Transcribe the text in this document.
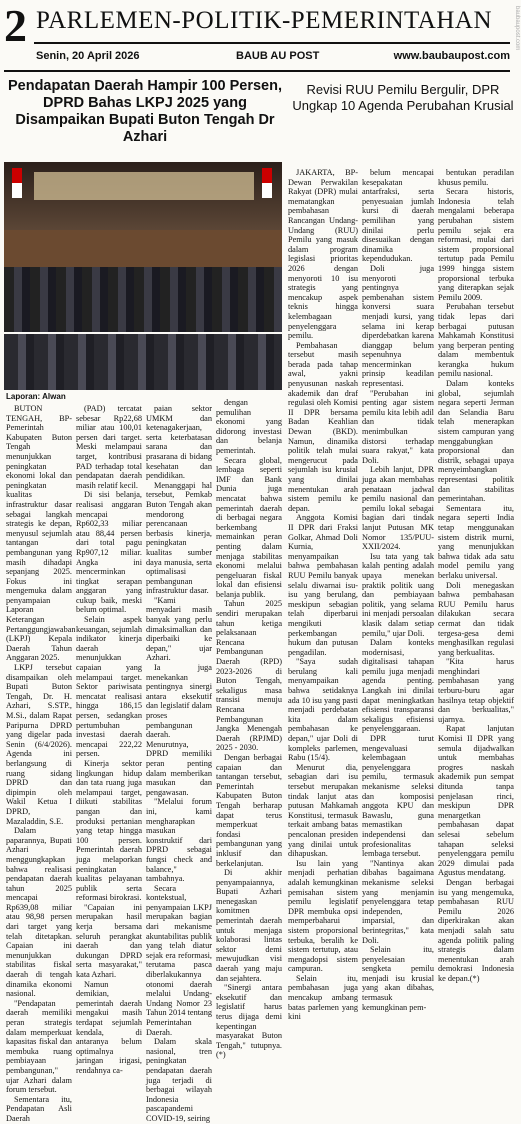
2 PARLEMEN-POLITIK-PEMERINTAHAN
Senin, 20 April 2026	BAUB AU POST	www.baubaupost.com
baubaupost.com
Pendapatan Daerah Hampir 100 Persen, DPRD Bahas LKPJ 2025 yang Disampaikan Bupati Buton Tengah Dr Azhari
Revisi RUU Pemilu Bergulir, DPR Ungkap 10 Agenda Perubahan Krusial
Laporan: Alwan

BUTON TENGAH, BP- Pemerintah Kabupaten Buton Tengah menunjukkan peningkatan ekonomi lokal dan peningkatan kualitas infrastruktur dasar sebagai langkah strategis ke depan, menyusul sejumlah tantangan pembangunan yang masih dihadapi sepanjang 2025. Fokus ini mengemuka dalam penyampaian Laporan Keterangan Pertanggungjawaban (LKPJ) Kepala Daerah Tahun Anggaran 2025.

LKPJ tersebut disampaikan oleh Bupati Buton Tengah, Dr. H. Azhari, S.STP., M.Si., dalam Rapat Paripurna DPRD yang digelar pada Senin (6/4/2026). Agenda ini berlangsung di ruang sidang DPRD dan dipimpin oleh Wakil Ketua I DPRD, Mazaladdin, S.E.

Dalam paparannya, Bupati Azhari menggungkapkan bahwa realisasi pendapatan daerah tahun 2025 mencapai Rp639,08 miliar atau 98,98 persen dari target yang telah ditetapkan. Capaian ini menunjukkan stabilitas fiskal daerah di tengah dinamika ekonomi nasional.

"Pendapatan daerah memiliki peran strategis dalam memperkuat kapasitas fiskal dan membuka ruang pembiayaan pembangunan," ujar Azhari dalam forum tersebut.

Sementara itu, Pendapatan Asli Daerah

(PAD) tercatat sebesar Rp22,68 miliar atau 100,01 persen dari target. Meski melampaui target, kontribusi PAD terhadap total pendapatan daerah masih relatif kecil.

Di sisi belanja, realisasi anggaran mencapai Rp602,33 miliar atau 88,44 persen dari total pagu Rp907,12 miliar. Angka ini mencerminkan tingkat serapan anggaran yang cukup baik, meski belum optimal.

Selain aspek keuangan, sejumlah indikator kinerja daerah menunjukkan capaian yang melampaui target. Sektor pariwisata mencatat realisasi hingga 186,15 persen, sedangkan pertumbuhan investasi daerah mencapai 222,22 persen.

Kinerja sektor lingkungan hidup dan tata ruang juga melampaui target, diikuti stabilitas pangan dan produksi pertanian yang tetap hingga 100 persen. Pemerintah daerah juga melaporkan peningkatan kualitas pelayanan publik serta reformasi birokrasi.

"Capaian ini merupakan hasil kerja bersama seluruh perangkat daerah dan dukungan DPRD serta masyarakat," kata Azhari.

Namun demikian, pemerintah daerah mengakui masih terdapat sejumlah kendala, di antaranya belum optimalnya jaringan irigasi, rendahnya ca-

paian sektor UMKM dan ketenagakerjaan, serta keterbatasan sarana dan prasarana di bidang kesehatan dan pendidikan.

Menanggapi hal tersebut, Pemkab Buton Tengah akan mendorong perencanaan berbasis kinerja, peningkatan kualitas sumber daya manusia, serta optimalisasi pembangunan infrastruktur dasar.

"Kami menyadari masih banyak yang perlu dimaksimalkan dan diperbaiki ke depan," ujar Azhari.

Ia juga menekankan pentingnya sinergi antara eksekutif dan legislatif dalam proses pembangunan daerah. Menurutnya, DPRD memiliki peran penting dalam memberikan masukan dan pengawasan.

"Melalui forum ini, kami mengharapkan masukan konstruktif dari DPRD sebagai fungsi check and balance," tambahnya.

Secara kontekstual, penyampaian LKPJ merupakan bagian dari mekanisme akuntabilitas publik yang telah diatur sejak era reformasi, terutama pasca diberlakukannya otonomi daerah melalui Undang-Undang Nomor 23 Tahun 2014 tentang Pemerintahan Daerah.

Dalam skala nasional, tren peningkatan pendapatan daerah juga terjadi di berbagai wilayah Indonesia pascapandemi COVID-19, seiring

dengan pemulihan ekonomi yang didorong investasi dan belanja pemerintah.

Secara global, lembaga seperti IMF dan Bank Dunia juga mencatat bahwa pemerintah daerah di berbagai negara berkembang memainkan peran penting dalam menjaga stabilitas ekonomi melalui pengeluaran fiskal lokal dan efisiensi belanja publik.

Tahun 2025 sendiri merupakan tahun ketiga pelaksanaan Rencana Pembangunan Daerah (RPD) 2023-2026 di Buton Tengah, sekaligus masa transisi menuju Rencana Pembangunan Jangka Menengah Daerah (RPJMD) 2025 - 2030.

Dengan berbagai capaian dan tantangan tersebut, Pemerintah Kabupaten Buton Tengah berharap dapat terus memperkuat fondasi pembangunan yang inklusif dan berkelanjutan.

Di akhir penyampaiannya, Bupati Azhari menegaskan komitmen pemerintah daerah untuk menjaga kolaborasi lintas sektor demi mewujudkan visi daerah yang maju dan sejahtera.

"Sinergi antara eksekutif dan legislatif harus terus dijaga demi kepentingan masyarakat Buton Tengah," tutupnya. (*)

JAKARTA, BP- Dewan Perwakilan Rakyat (DPR) mulai mematangkan pembahasan Rancangan Undang-Undang (RUU) Pemilu yang masuk dalam program legislasi prioritas 2026 dengan menyorotі 10 isu strategis yang mencakup aspek teknis hingga kelembagaan penyelenggara pemilu.

Pembahasan tersebut masih berada pada tahap awal, yakni penyusunan naskah akademik dan draf regulasi oleh Komisi II DPR bersama Badan Keahlian Dewan (BKD). Namun, dinamika politik telah mulai mengerucut pada sejumlah isu krusial yang dinilai menentukan arah sistem pemilu ke depan.

Anggota Komisi II DPR dari Fraksi Golkar, Ahmad Doli Kurnia, menyampaikan bahwa pembahasan RUU Pemilu banyak selalu diwarnai isu-isu yang berulang, meskipun sebagian telah diperbarui mengikuti perkembangan hukum dan putusan pengadilan.

"Saya sudah berulang kali menyampaikan bahwa setidaknya ada 10 isu yang pasti menjadi perdebatan kita dalam pembahasan ke depan," ujar Doli di kompleks parlemen, Rabu (15/4).

Menurut dia, sebagian dari isu tersebut merupakan tindak lanjut atas putusan Mahkamah Konstitusi, termasuk terkait ambang batas pencalonan presiden yang dinilai untuk dihapuskan.

Isu lain yang menjadi perhatian adalah kemungkinan pemisahan sistem pemilu legislatif DPR membuka opsi memperbaharui sistem proporsional terbuka, beralih ke sistem tertutup, atau mengadopsi sistem campuran.

Selain itu, pembahasan juga mencakup ambang batas parlemen yang kini

belum mencapai kesepakatan antarfraksi, serta penyesuaian jumlah kursi di daerah pemilihan yang dinilai perlu disesuaikan dengan dinamika kependudukan.

Doli juga menyoroti pentingnya pembenahan sistem konversi suara menjadi kursi, yang selama ini kerap diperdebatkan karena dianggap belum sepenuhnya mencerminkan prinsip keadilan representasi.

"Perubahan ini penting agar sistem pemilu kita lebih adil dan tidak menimbulkan distorsi terhadap suara rakyat," kata Doli.

Lebih lanjut, DPR juga akan membahas penataan jadwal pemilu nasional dan pemilu lokal sebagai bagian dari tindak lanjut Putusan MK Nomor 135/PUU-XXII/2024.

Isu tata yang tak kalah penting adalah upaya menekan praktik politik uang dan pembiayaan politik, yang selama ini menjadi persoalan klasik dalam setiap pemilu," ujar Doli.

Dalam konteks modernisasi, digitalisasi tahapan pemilu juga menjadi agenda penting. Langkah ini dinilai dapat meningkatkan efisiensi transparansi sekaligus efisiensi penyelenggaraan.

DPR turut mengevaluasi kelembagaan penyelenggara pemilu, termasuk mekanisme seleksi dan komposisi anggota KPU dan Bawaslu, guna memastikan independensi dan profesionalitas lembaga tersebut.

"Nantinya akan dibahas bagaimana mekanisme seleksi yang menjamin penyelenggara tetap independen, imparsial, dan berintegritas," kata Doli.

Selain itu, penyelesaian sengketa pemilu menjadi isu krusial yang akan dibahas, termasuk kemungkinan pem-

bentukan peradilan khusus pemilu.

Secara historis, Indonesia telah mengalami beberapa perubahan sistem pemilu sejak era reformasi, mulai dari sistem proporsional tertutup pada Pemilu 1999 hingga sistem proporsional terbuka yang diterapkan sejak Pemilu 2009.

Perubahan tersebut tidak lepas dari berbagai putusan Mahkamah Konstitusi yang berperan penting dalam membentuk kerangka hukum pemilu nasional.

Dalam konteks global, sejumlah negara seperti Jerman dan Selandia Baru telah menerapkan sistem campuran yang menggabungkan proporsional dan distrik, sebagai upaya menyeimbangkan representasi politik dan stabilitas pemerintahan.

Sementara itu, negara seperti India tetap menggunakan sistem distrik murni, yang menunjukkan bahwa tidak ada satu model pemilu yang berlaku universal.

Doli menegaskan bahwa pembahasan RUU Pemilu harus dilakukan secara cermat dan tidak tergesa-gesa demi menghasilkan regulasi yang berkualitas.

"Kita harus menghindari pembahasan yang terburu-buru agar hasilnya tetap objektif dan berkualitas," ujarnya.

Rapat lanjutan Komisi II DPR yang semula dijadwalkan untuk membahas progres naskah akademik pun sempat ditunda tanpa penjelasan rinci, meskipun DPR menargetkan pembahasan dapat selesai sebelum tahapan seleksi penyelenggara pemilu 2029 dimulai pada Agustus mendatang.

Dengan berbagai isu yang mengemuka, pembahasan RUU Pemilu 2026 diperkirakan akan menjadi salah satu agenda politik paling strategis dalam menentukan arah demokrasi Indonesia ke depan.(*)
